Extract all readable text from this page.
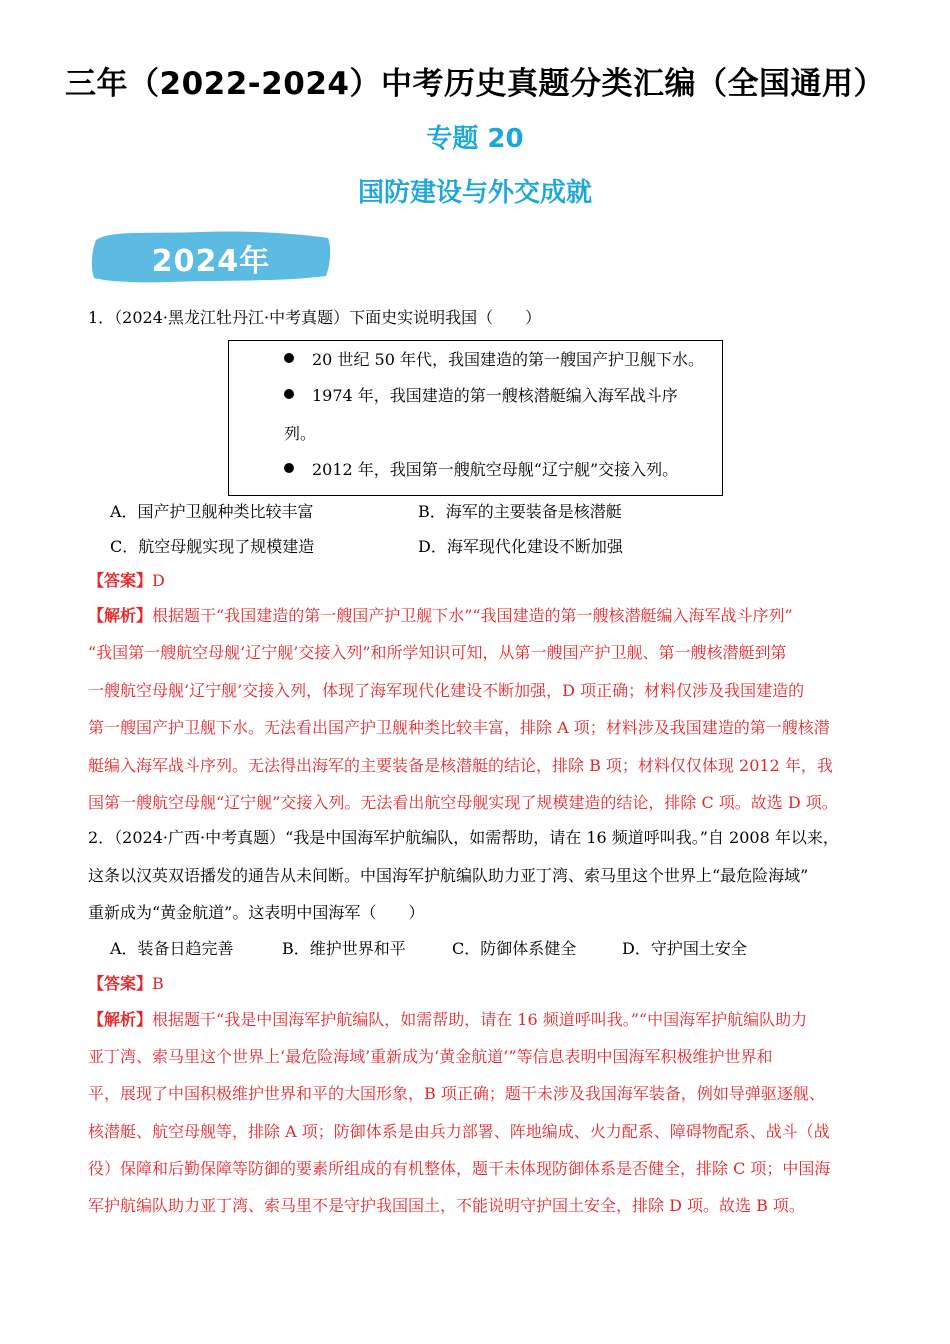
三年（2022-2024）中考历史真题分类汇编（全国通用）
专题 20
国防建设与外交成就
2024年
1．（2024·黑龙江牡丹江·中考真题）下面史实说明我国（　　）
20 世纪 50 年代，我国建造的第一艘国产护卫舰下水。
1974 年，我国建造的第一艘核潜艇编入海军战斗序
列。
2012 年，我国第一艘航空母舰“辽宁舰”交接入列。
A．国产护卫舰种类比较丰富	B．海军的主要装备是核潜艇
C．航空母舰实现了规模建造	D．海军现代化建设不断加强
【答案】D
【解析】根据题干“我国建造的第一艘国产护卫舰下水”“我国建造的第一艘核潜艇编入海军战斗序列”
“我国第一艘航空母舰‘辽宁舰’交接入列”和所学知识可知，从第一艘国产护卫舰、第一艘核潜艇到第
一艘航空母舰‘辽宁舰’交接入列，体现了海军现代化建设不断加强，D 项正确；材料仅涉及我国建造的
第一艘国产护卫舰下水。无法看出国产护卫舰种类比较丰富，排除 A 项；材料涉及我国建造的第一艘核潜
艇编入海军战斗序列。无法得出海军的主要装备是核潜艇的结论，排除 B 项；材料仅仅体现 2012 年，我
国第一艘航空母舰“辽宁舰”交接入列。无法看出航空母舰实现了规模建造的结论，排除 C 项。故选 D 项。
2．（2024·广西·中考真题）“我是中国海军护航编队，如需帮助，请在 16 频道呼叫我。”自 2008 年以来，
这条以汉英双语播发的通告从未间断。中国海军护航编队助力亚丁湾、索马里这个世界上“最危险海域”
重新成为“黄金航道”。这表明中国海军（　　）
A．装备日趋完善	B．维护世界和平	C．防御体系健全	D．守护国土安全
【答案】B
【解析】根据题干“我是中国海军护航编队，如需帮助，请在 16 频道呼叫我。”“中国海军护航编队助力
亚丁湾、索马里这个世界上‘最危险海域’重新成为‘黄金航道’”等信息表明中国海军积极维护世界和
平，展现了中国积极维护世界和平的大国形象，B 项正确；题干未涉及我国海军装备，例如导弹驱逐舰、
核潜艇、航空母舰等，排除 A 项；防御体系是由兵力部署、阵地编成、火力配系、障碍物配系、战斗（战
役）保障和后勤保障等防御的要素所组成的有机整体，题干未体现防御体系是否健全，排除 C 项；中国海
军护航编队助力亚丁湾、索马里不是守护我国国土，不能说明守护国土安全，排除 D 项。故选 B 项。
